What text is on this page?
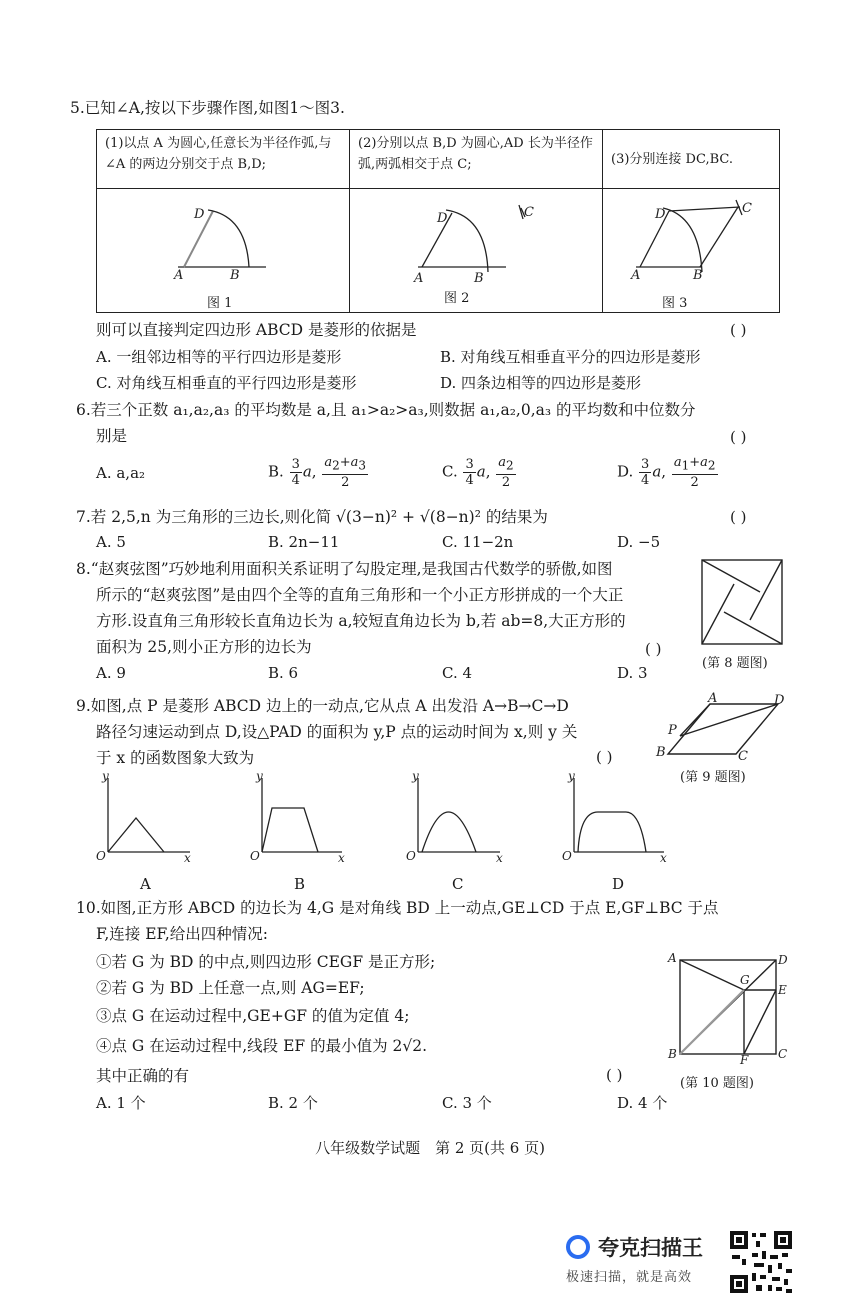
5.已知∠A,按以下步骤作图,如图1～图3.
(1)以点 A 为圆心,任意长为半径作弧,与∠A 的两边分别交于点 B,D;	(2)分别以点 B,D 为圆心,AD 长为半径作弧,两弧相交于点 C;	(3)分别连接 DC,BC.

D
A	B
D
A	B
C	D
A	B
C
图 1	图 2	图 3
则可以直接判定四边形 ABCD 是菱形的依据是	( )
A. 一组邻边相等的平行四边形是菱形	B. 对角线互相垂直平分的四边形是菱形
C. 对角线互相垂直的平行四边形是菱形	D. 四条边相等的四边形是菱形
6.若三个正数 a₁,a₂,a₃ 的平均数是 a,且 a₁>a₂>a₃,则数据 a₁,a₂,0,a₃ 的平均数和中位数分
别是	( )
A. a,a₂	B. $\frac{3}{4} a$, $\frac{a_2+a_3}{2}$	C. $\frac{3}{4} a$, $\frac{a_2}{2}$	D. $\frac{3}{4} a$, $\frac{a_1+a_2}{2}$
7.若 2,5,n 为三角形的三边长,则化简 √(3−n)² + √(8−n)² 的结果为	( )
A. 5	B. 2n−11	C. 11−2n	D. −5
8.“赵爽弦图”巧妙地利用面积关系证明了勾股定理,是我国古代数学的骄傲,如图
所示的“赵爽弦图”是由四个全等的直角三角形和一个小正方形拼成的一个大正
方形.设直角三角形较长直角边长为 a,较短直角边长为 b,若 ab=8,大正方形的
面积为 25,则小正方形的边长为	( )
A. 9	B. 6	C. 4	D. 3
(第 8 题图)
9.如图,点 P 是菱形 ABCD 边上的一动点,它从点 A 出发沿 A→B→C→D
路径匀速运动到点 D,设△PAD 的面积为 y,P 点的运动时间为 x,则 y 关
于 x 的函数图象大致为	( )
A	D
P
B	C
(第 9 题图)
y
O	x
y
O	x
y
O	x
y
O	x
A	B	C	D
10.如图,正方形 ABCD 的边长为 4,G 是对角线 BD 上一动点,GE⊥CD 于点 E,GF⊥BC 于点
F,连接 EF,给出四种情况:
①若 G 为 BD 的中点,则四边形 CEGF 是正方形;
②若 G 为 BD 上任意一点,则 AG=EF;
③点 G 在运动过程中,GE+GF 的值为定值 4;
④点 G 在运动过程中,线段 EF 的最小值为 2√2.
其中正确的有	( )
A. 1 个	B. 2 个	C. 3 个	D. 4 个
A	D
G
E
B	F C
(第 10 题图)
八年级数学试题　第 2 页(共 6 页)
夸克扫描王
极速扫描，就是高效
